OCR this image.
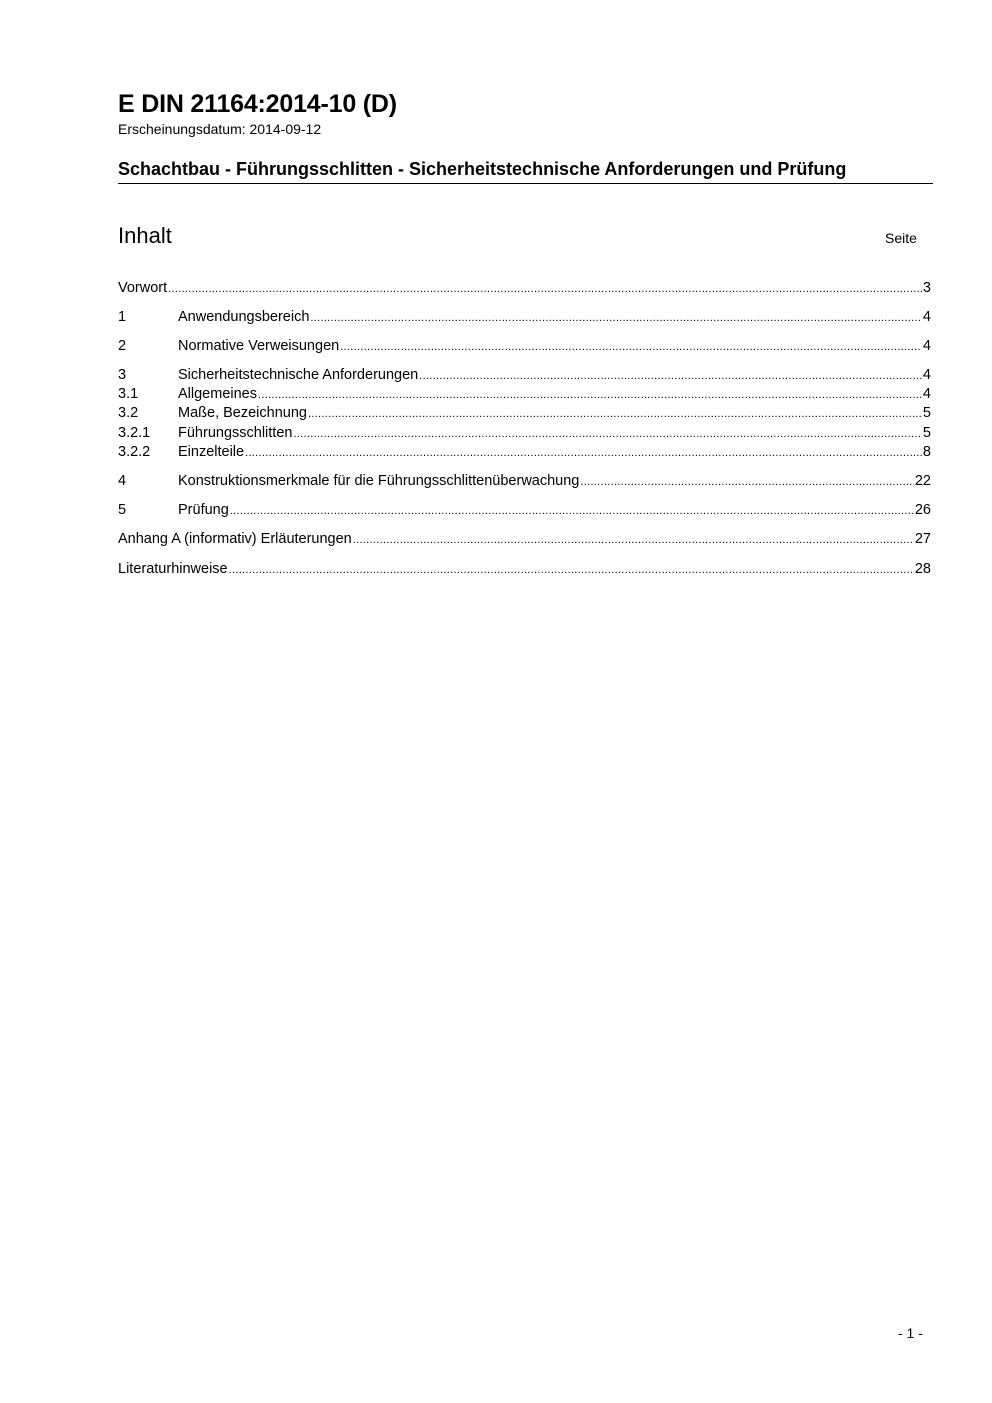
E DIN 21164:2014-10 (D)
Erscheinungsdatum: 2014-09-12
Schachtbau - Führungsschlitten - Sicherheitstechnische Anforderungen und Prüfung
Inhalt	Seite
Vorwort .....	3
1	Anwendungsbereich .....	4
2	Normative Verweisungen .....	4
3	Sicherheitstechnische Anforderungen .....	4
3.1	Allgemeines .....	4
3.2	Maße, Bezeichnung .....	5
3.2.1	Führungsschlitten .....	5
3.2.2	Einzelteile .....	8
4	Konstruktionsmerkmale für die Führungsschlittenüberwachung .....	22
5	Prüfung .....	26
Anhang A (informativ) Erläuterungen .....	27
Literaturhinweise .....	28
- 1 -
